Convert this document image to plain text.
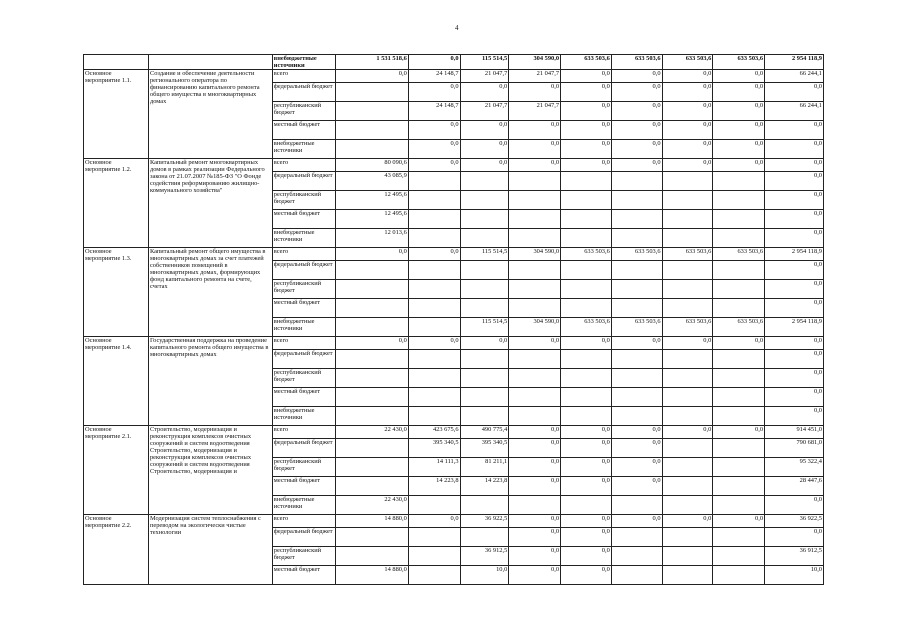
4
		внебюджетные источники	1 531 518,6	0,0	115 514,5	304 590,0	633 503,6	633 503,6	633 503,6	633 503,6	2 954 118,9
Основное мероприятие 1.1.	Создание и обеспечение деятельности регионального оператора по финансированию капитального ремонта общего имущества в многоквартирных домах	всего	0,0	24 148,7	21 047,7	21 047,7	0,0	0,0	0,0	0,0	66 244,1
		федеральный бюджет		0,0	0,0	0,0	0,0	0,0	0,0	0,0	0,0
		республиканский бюджет		24 148,7	21 047,7	21 047,7	0,0	0,0	0,0	0,0	66 244,1
		местный бюджет		0,0	0,0	0,0	0,0	0,0	0,0	0,0	0,0
		внебюджетные источники		0,0	0,0	0,0	0,0	0,0	0,0	0,0	0,0
Основное мероприятие 1.2.	Капитальный ремонт многоквартирных домов в рамках реализации Федерального закона от 21.07.2007 №185-ФЗ "О Фонде содействия реформированию жилищно-коммунального хозяйства"	всего	80 090,6	0,0	0,0	0,0	0,0	0,0	0,0	0,0	0,0
		федеральный бюджет	43 085,9								0,0
		республиканский бюджет	12 495,6								0,0
		местный бюджет	12 495,6								0,0
		внебюджетные источники	12 013,6								0,0
Основное мероприятие 1.3.	Капитальный ремонт общего имущества в многоквартирных домах за счет платежей собственников помещений в многоквартирных домах, формирующих фонд капитального ремонта на счете, счетах	всего	0,0	0,0	115 514,5	304 590,0	633 503,6	633 503,6	633 503,6	633 503,6	2 954 118,9
		федеральный бюджет									0,0
		республиканский бюджет									0,0
		местный бюджет									0,0
		внебюджетные источники			115 514,5	304 590,0	633 503,6	633 503,6	633 503,6	633 503,6	2 954 118,9
Основное мероприятие 1.4.	Государственная поддержка на проведение капитального ремонта общего имущества в многоквартирных домах	всего	0,0	0,0	0,0	0,0	0,0	0,0	0,0	0,0	0,0
		федеральный бюджет									0,0
		республиканский бюджет									0,0
		местный бюджет									0,0
		внебюджетные источники									0,0
Основное мероприятие 2.1.	Строительство, модернизация и реконструкция комплексов очистных сооружений и систем водоотведения Строительство, модернизация и реконструкция комплексов очистных сооружений и систем водоотведения Строительство, модернизация и	всего	22 430,0	423 675,6	490 775,4	0,0	0,0	0,0	0,0	0,0	914 451,0
		федеральный бюджет		395 340,5	395 340,5	0,0	0,0	0,0			790 681,0
		республиканский бюджет		14 111,3	81 211,1	0,0	0,0	0,0			95 322,4
		местный бюджет		14 223,8	14 223,8	0,0	0,0	0,0			28 447,6
		внебюджетные источники	22 430,0								0,0
Основное мероприятие 2.2.	Модернизация систем теплоснабжения с переводом на экологически чистые технологии	всего	14 880,0	0,0	36 922,5	0,0	0,0	0,0	0,0	0,0	36 922,5
		федеральный бюджет				0,0	0,0				0,0
		республиканский бюджет			36 912,5	0,0	0,0				36 912,5
		местный бюджет	14 880,0		10,0	0,0	0,0				10,0
